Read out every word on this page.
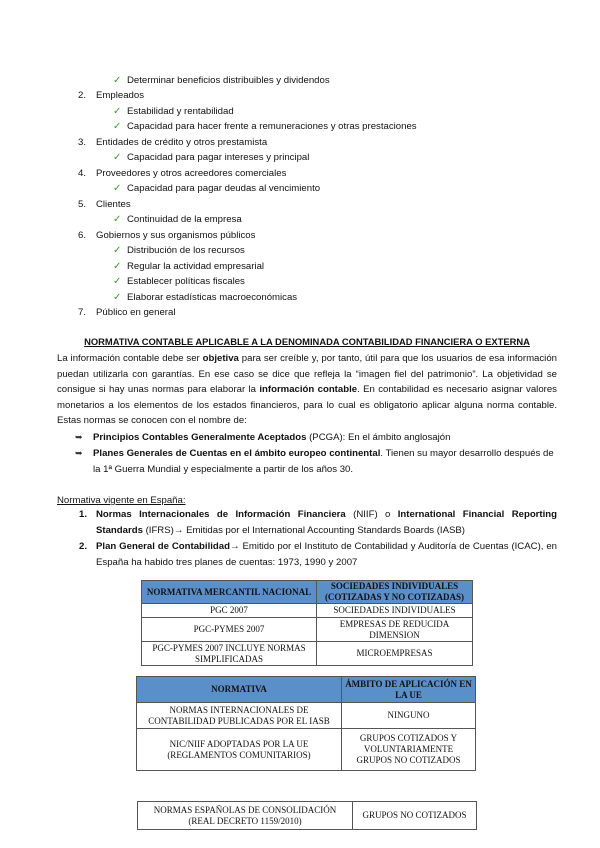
✓ Determinar beneficios distribuibles y dividendos
2. Empleados
✓ Estabilidad y rentabilidad
✓ Capacidad para hacer frente a remuneraciones y otras prestaciones
3. Entidades de crédito y otros prestamista
✓ Capacidad para pagar intereses y principal
4. Proveedores y otros acreedores comerciales
✓ Capacidad para pagar deudas al vencimiento
5. Clientes
✓ Continuidad de la empresa
6. Gobiernos y sus organismos públicos
✓ Distribución de los recursos
✓ Regular la actividad empresarial
✓ Establecer políticas fiscales
✓ Elaborar estadísticas macroeconómicas
7. Público en general
NORMATIVA CONTABLE APLICABLE A LA DENOMINADA CONTABILIDAD FINANCIERA O EXTERNA
La información contable debe ser objetiva para ser creíble y, por tanto, útil para que los usuarios de esa información puedan utilizarla con garantías. En ese caso se dice que refleja la “imagen fiel del patrimonio”. La objetividad se consigue si hay unas normas para elaborar la información contable. En contabilidad es necesario asignar valores monetarios a los elementos de los estados financieros, para lo cual es obligatorio aplicar alguna norma contable. Estas normas se conocen con el nombre de:
➥ Principios Contables Generalmente Aceptados (PCGA): En el ámbito anglosajón
➥ Planes Generales de Cuentas en el ámbito europeo continental. Tienen su mayor desarrollo después de la 1ª Guerra Mundial y especialmente a partir de los años 30.
Normativa vigente en España:
1. Normas Internacionales de Información Financiera (NIIF) o International Financial Reporting Standards (IFRS)→ Emitidas por el International Accounting Standards Boards (IASB)
2. Plan General de Contabilidad→ Emitido por el Instituto de Contabilidad y Auditoría de Cuentas (ICAC), en España ha habido tres planes de cuentas: 1973, 1990 y 2007
NORMATIVA MERCANTIL NACIONAL	SOCIEDADES INDIVIDUALES (COTIZADAS Y NO COTIZADAS)
PGC 2007	SOCIEDADES INDIVIDUALES
PGC-PYMES 2007	EMPRESAS DE REDUCIDA DIMENSION
PGC-PYMES 2007 INCLUYE NORMAS SIMPLIFICADAS	MICROEMPRESAS
NORMATIVA	ÁMBITO DE APLICACIÓN EN LA UE
NORMAS INTERNACIONALES DE CONTABILIDAD PUBLICADAS POR EL IASB	NINGUNO
NIC/NIIF ADOPTADAS POR LA UE (REGLAMENTOS COMUNITARIOS)	GRUPOS COTIZADOS Y VOLUNTARIAMENTE GRUPOS NO COTIZADOS
NORMAS ESPAÑOLAS DE CONSOLIDACIÓN (REAL DECRETO 1159/2010)	GRUPOS NO COTIZADOS
